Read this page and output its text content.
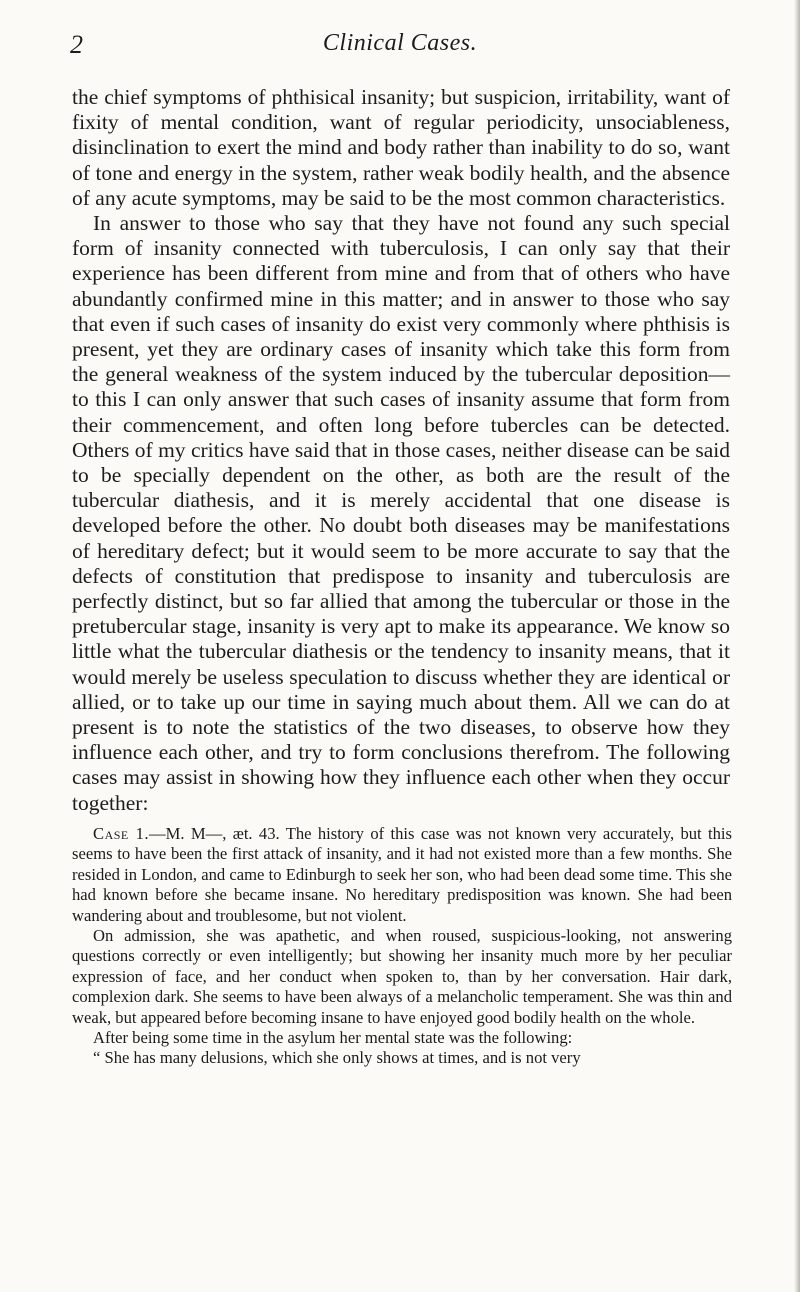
2	Clinical Cases.

the chief symptoms of phthisical insanity; but suspicion, irritability, want of fixity of mental condition, want of regular periodicity, unsociableness, disinclination to exert the mind and body rather than inability to do so, want of tone and energy in the system, rather weak bodily health, and the absence of any acute symptoms, may be said to be the most common characteristics.

In answer to those who say that they have not found any such special form of insanity connected with tuberculosis, I can only say that their experience has been different from mine and from that of others who have abundantly confirmed mine in this matter; and in answer to those who say that even if such cases of insanity do exist very commonly where phthisis is present, yet they are ordinary cases of insanity which take this form from the general weakness of the system induced by the tubercular deposition—to this I can only answer that such cases of insanity assume that form from their commencement, and often long before tubercles can be detected. Others of my critics have said that in those cases, neither disease can be said to be specially dependent on the other, as both are the result of the tubercular diathesis, and it is merely accidental that one disease is developed before the other. No doubt both diseases may be manifestations of hereditary defect; but it would seem to be more accurate to say that the defects of constitution that predispose to insanity and tuberculosis are perfectly distinct, but so far allied that among the tubercular or those in the pretubercular stage, insanity is very apt to make its appearance. We know so little what the tubercular diathesis or the tendency to insanity means, that it would merely be useless speculation to discuss whether they are identical or allied, or to take up our time in saying much about them. All we can do at present is to note the statistics of the two diseases, to observe how they influence each other, and try to form conclusions therefrom. The following cases may assist in showing how they influence each other when they occur together:

Case 1.—M. M—, æt. 43. The history of this case was not known very accurately, but this seems to have been the first attack of insanity, and it had not existed more than a few months. She resided in London, and came to Edinburgh to seek her son, who had been dead some time. This she had known before she became insane. No hereditary predisposition was known. She had been wandering about and troublesome, but not violent.

On admission, she was apathetic, and when roused, suspicious-looking, not answering questions correctly or even intelligently; but showing her insanity much more by her peculiar expression of face, and her conduct when spoken to, than by her conversation. Hair dark, complexion dark. She seems to have been always of a melancholic temperament. She was thin and weak, but appeared before becoming insane to have enjoyed good bodily health on the whole.

After being some time in the asylum her mental state was the following:

“ She has many delusions, which she only shows at times, and is not very
